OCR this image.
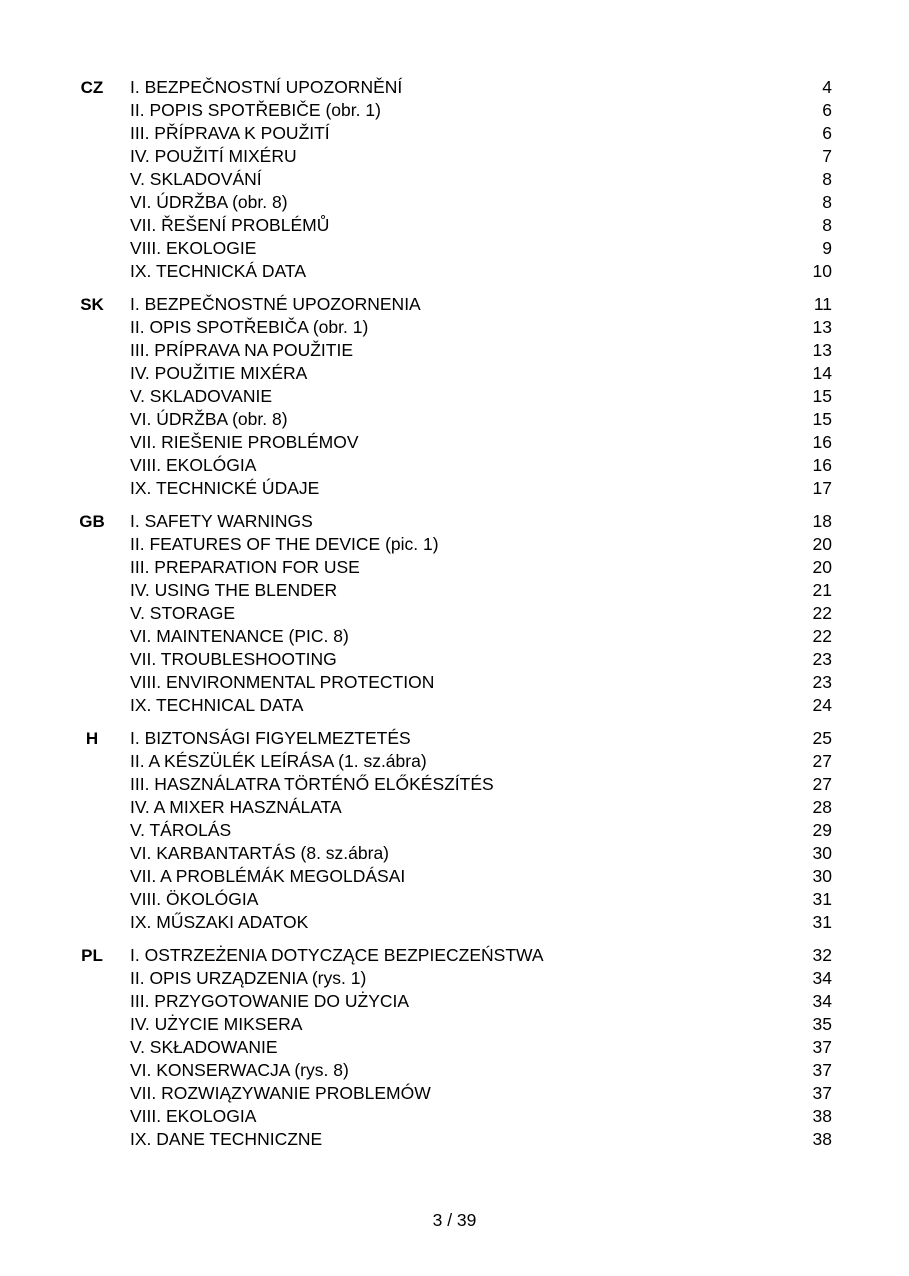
CZ	I. BEZPEČNOSTNÍ UPOZORNĚNÍ	4
II. POPIS SPOTŘEBIČE (obr. 1)	6
III. PŘÍPRAVA K POUŽITÍ	6
IV. POUŽITÍ MIXÉRU	7
V. SKLADOVÁNÍ	8
VI. ÚDRŽBA (obr. 8)	8
VII. ŘEŠENÍ PROBLÉMŮ	8
VIII. EKOLOGIE	9
IX. TECHNICKÁ DATA	10
SK	I. BEZPEČNOSTNÉ UPOZORNENIA	11
II. OPIS SPOTŘEBIČA (obr. 1)	13
III. PRÍPRAVA NA POUŽITIE	13
IV. POUŽITIE MIXÉRA	14
V. SKLADOVANIE	15
VI. ÚDRŽBA (obr. 8)	15
VII. RIEŠENIE PROBLÉMOV	16
VIII. EKOLÓGIA	16
IX. TECHNICKÉ ÚDAJE	17
GB	I. SAFETY WARNINGS	18
II. FEATURES OF THE DEVICE (pic. 1)	20
III. PREPARATION FOR USE	20
IV. USING THE BLENDER	21
V. STORAGE	22
VI. MAINTENANCE (PIC. 8)	22
VII. TROUBLESHOOTING	23
VIII. ENVIRONMENTAL PROTECTION	23
IX. TECHNICAL DATA	24
H	I. BIZTONSÁGI FIGYELMEZTETÉS	25
II. A KÉSZÜLÉK LEÍRÁSA (1. sz.ábra)	27
III. HASZNÁLATRA TÖRTÉNŐ ELŐKÉSZÍTÉS	27
IV. A MIXER HASZNÁLATA	28
V. TÁROLÁS	29
VI. KARBANTARTÁS (8. sz.ábra)	30
VII. A PROBLÉMÁK MEGOLDÁSAI	30
VIII. ÖKOLÓGIA	31
IX. MŰSZAKI ADATOK	31
PL	I. OSTRZEŻENIA DOTYCZĄCE BEZPIECZEŃSTWA	32
II. OPIS URZĄDZENIA (rys. 1)	34
III. PRZYGOTOWANIE DO UŻYCIA	34
IV. UŻYCIE MIKSERA	35
V. SKŁADOWANIE	37
VI. KONSERWACJA (rys. 8)	37
VII. ROZWIĄZYWANIE PROBLEMÓW	37
VIII. EKOLOGIA	38
IX. DANE TECHNICZNE	38
3 / 39
